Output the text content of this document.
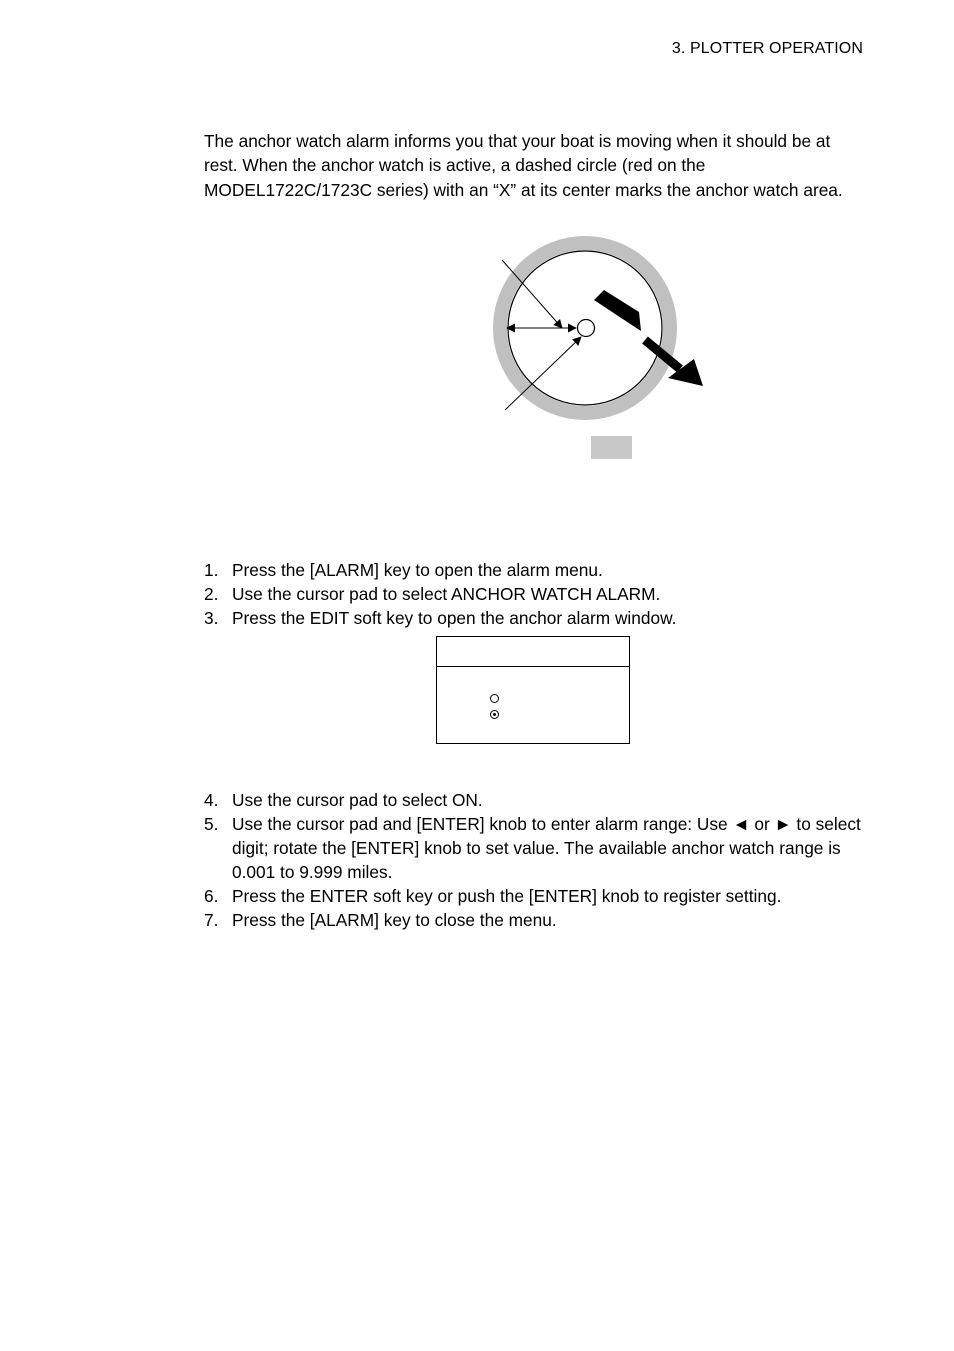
3. PLOTTER OPERATION

The anchor watch alarm informs you that your boat is moving when it should be at rest. When the anchor watch is active, a dashed circle (red on the MODEL1722C/1723C series) with an “X” at its center marks the anchor watch area.

1. Press the [ALARM] key to open the alarm menu.
2. Use the cursor pad to select ANCHOR WATCH ALARM.
3. Press the EDIT soft key to open the anchor alarm window.
4. Use the cursor pad to select ON.
5. Use the cursor pad and [ENTER] knob to enter alarm range: Use ◄ or ► to select digit; rotate the [ENTER] knob to set value. The available anchor watch range is 0.001 to 9.999 miles.
6. Press the ENTER soft key or push the [ENTER] knob to register setting.
7. Press the [ALARM] key to close the menu.
